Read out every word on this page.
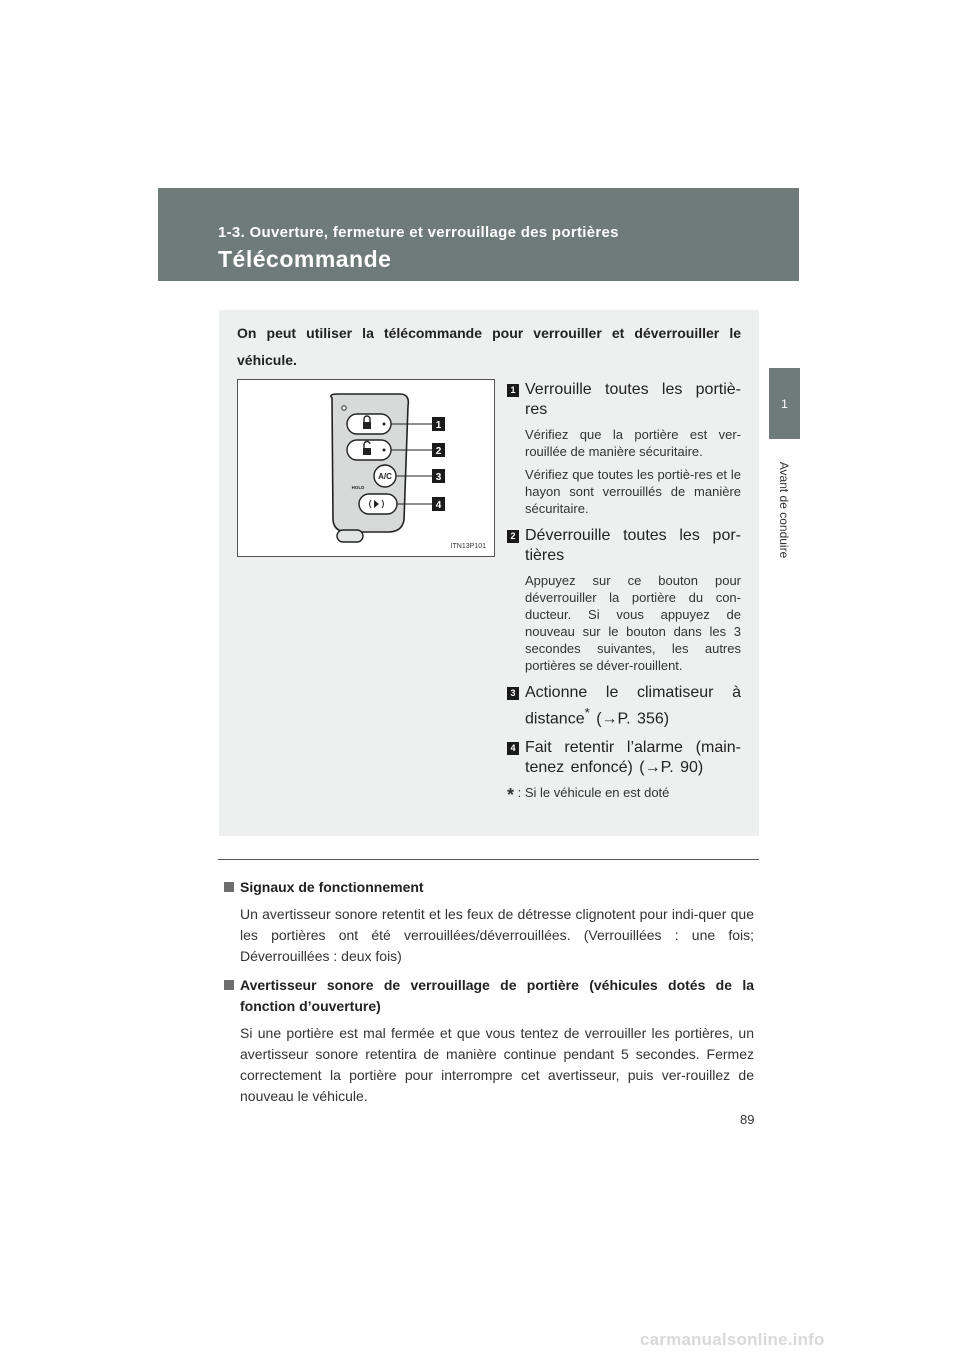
1-3. Ouverture, fermeture et verrouillage des portières
Télécommande
1
Avant de conduire
On peut utiliser la télécommande pour verrouiller et déverrouiller le véhicule.
A/C
HOLD
1
2
3
4
ITN13P101
1 Verrouille toutes les portiè-res
Vérifiez que la portière est ver-rouillée de manière sécuritaire.
Vérifiez que toutes les portiè-res et le hayon sont verrouillés de manière sécuritaire.
2 Déverrouille toutes les por-tières
Appuyez sur ce bouton pour déverrouiller la portière du con-ducteur. Si vous appuyez de nouveau sur le bouton dans les 3 secondes suivantes, les autres portières se déver-rouillent.
3 Actionne le climatiseur à distance* (→P. 356)
4 Fait retentir l’alarme (main-tenez enfoncé) (→P. 90)
* : Si le véhicule en est doté
Signaux de fonctionnement
Un avertisseur sonore retentit et les feux de détresse clignotent pour indi-quer que les portières ont été verrouillées/déverrouillées. (Verrouillées : une fois; Déverrouillées : deux fois)
Avertisseur sonore de verrouillage de portière (véhicules dotés de la fonction d’ouverture)
Si une portière est mal fermée et que vous tentez de verrouiller les portières, un avertisseur sonore retentira de manière continue pendant 5 secondes. Fermez correctement la portière pour interrompre cet avertisseur, puis ver-rouillez de nouveau le véhicule.
89
carmanualsonline.info
